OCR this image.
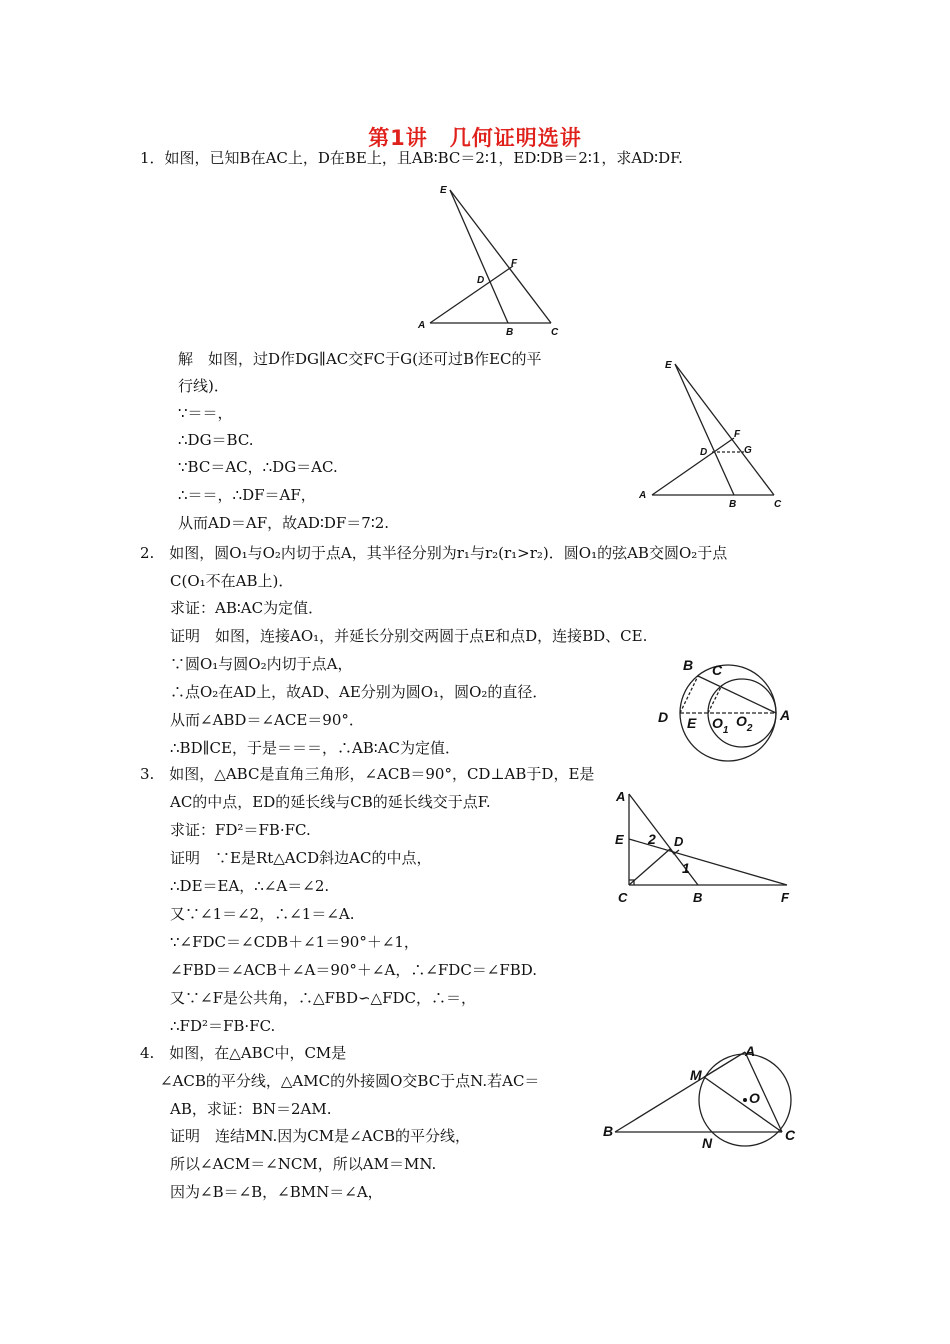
第1讲　几何证明选讲
1．如图，已知B在AC上，D在BE上，且AB∶BC＝2∶1，ED∶DB＝2∶1，求AD∶DF.
E
F
D
A
B	C
解　如图，过D作DG∥AC交FC于G(还可过B作EC的平
行线)．
∵＝＝，
∴DG＝BC.
∵BC＝AC，∴DG＝AC.
∴＝＝，∴DF＝AF，
从而AD＝AF，故AD∶DF＝7∶2.
E
F
D	G
A
B	C
2.　如图，圆O₁与O₂内切于点A，其半径分别为r₁与r₂(r₁>r₂)．圆O₁的弦AB交圆O₂于点
C(O₁不在AB上)．
求证：AB∶AC为定值．
证明　如图，连接AO₁，并延长分别交两圆于点E和点D，连接BD、CE.
∵圆O₁与圆O₂内切于点A，
∴点O₂在AD上，故AD、AE分别为圆O₁，圆O₂的直径．
从而∠ABD＝∠ACE＝90°．
∴BD∥CE，于是＝＝＝，∴AB∶AC为定值．
B C
D E $O_1$
$O_2$
A
3.　如图，△ABC是直角三角形，∠ACB＝90°，CD⊥AB于D，E是
AC的中点，ED的延长线与CB的延长线交于点F.
求证：FD²＝FB·FC.
证明　∵E是Rt△ACD斜边AC的中点，
∴DE＝EA，∴∠A＝∠2.
又∵∠1＝∠2，∴∠1＝∠A.
∵∠FDC＝∠CDB＋∠1＝90°＋∠1，
∠FBD＝∠ACB＋∠A＝90°＋∠A，∴∠FDC＝∠FBD.
又∵∠F是公共角，∴△FBD∽△FDC，∴＝，
∴FD²＝FB·FC.
A
E	D
2
1
C	B	F
4.　如图，在△ABC中，CM是
∠ACB的平分线，△AMC的外接圆O交BC于点N.若AC＝
AB，求证：BN＝2AM.
证明　连结MN.因为CM是∠ACB的平分线，
所以∠ACM＝∠NCM，所以AM＝MN.
因为∠B＝∠B，∠BMN＝∠A，
A
M
O
B
N	C
